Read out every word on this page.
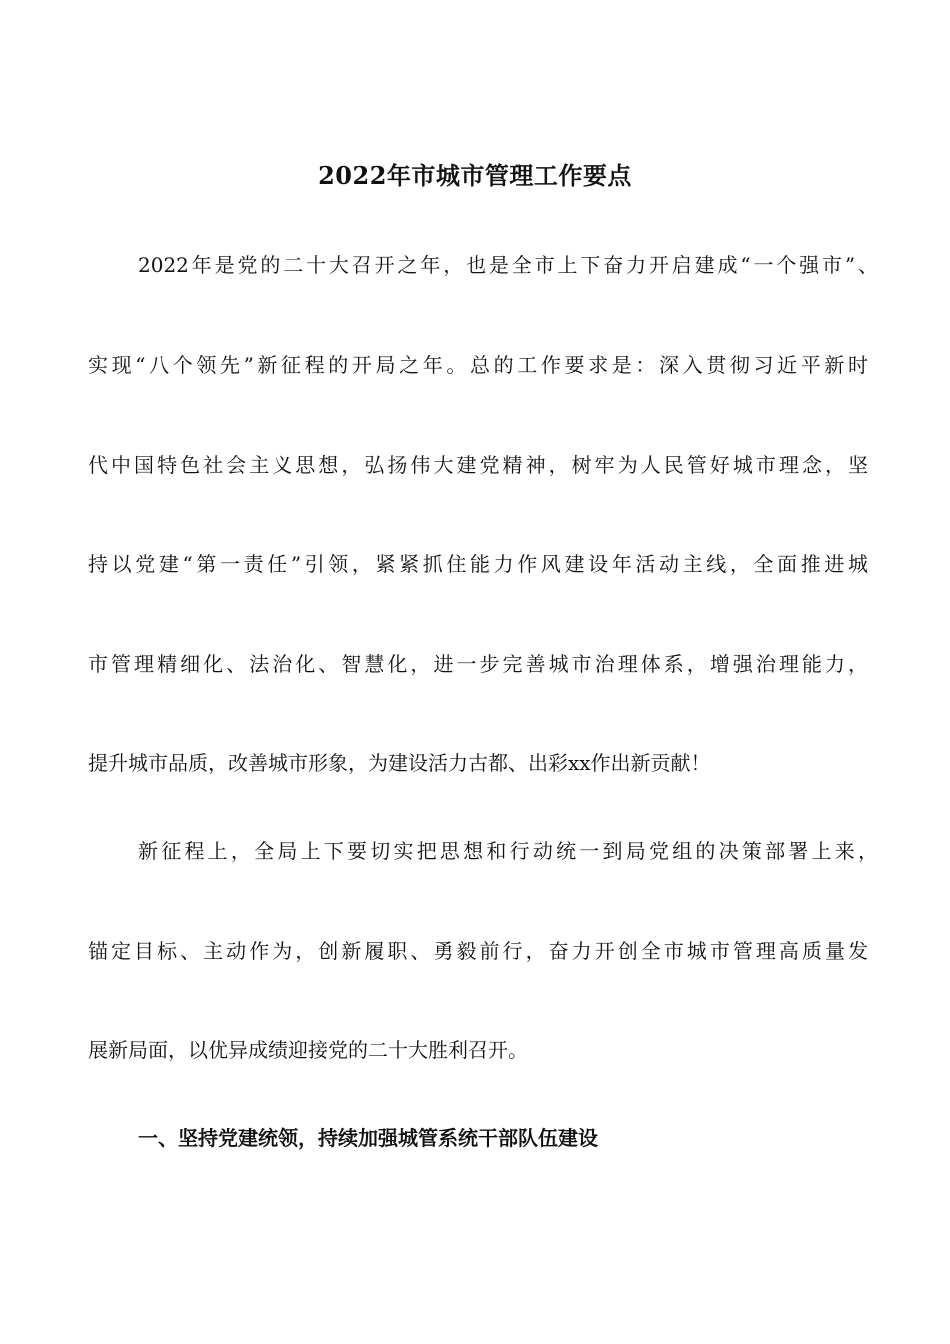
2022年市城市管理工作要点
2022年是党的二十大召开之年，也是全市上下奋力开启建成“一个强市”、
实现“八个领先”新征程的开局之年。总的工作要求是：深入贯彻习近平新时
代中国特色社会主义思想，弘扬伟大建党精神，树牢为人民管好城市理念，坚
持以党建“第一责任”引领，紧紧抓住能力作风建设年活动主线，全面推进城
市管理精细化、法治化、智慧化，进一步完善城市治理体系，增强治理能力，
提升城市品质，改善城市形象，为建设活力古都、出彩xx作出新贡献！
新征程上，全局上下要切实把思想和行动统一到局党组的决策部署上来，
锚定目标、主动作为，创新履职、勇毅前行，奋力开创全市城市管理高质量发
展新局面，以优异成绩迎接党的二十大胜利召开。
一、坚持党建统领，持续加强城管系统干部队伍建设
